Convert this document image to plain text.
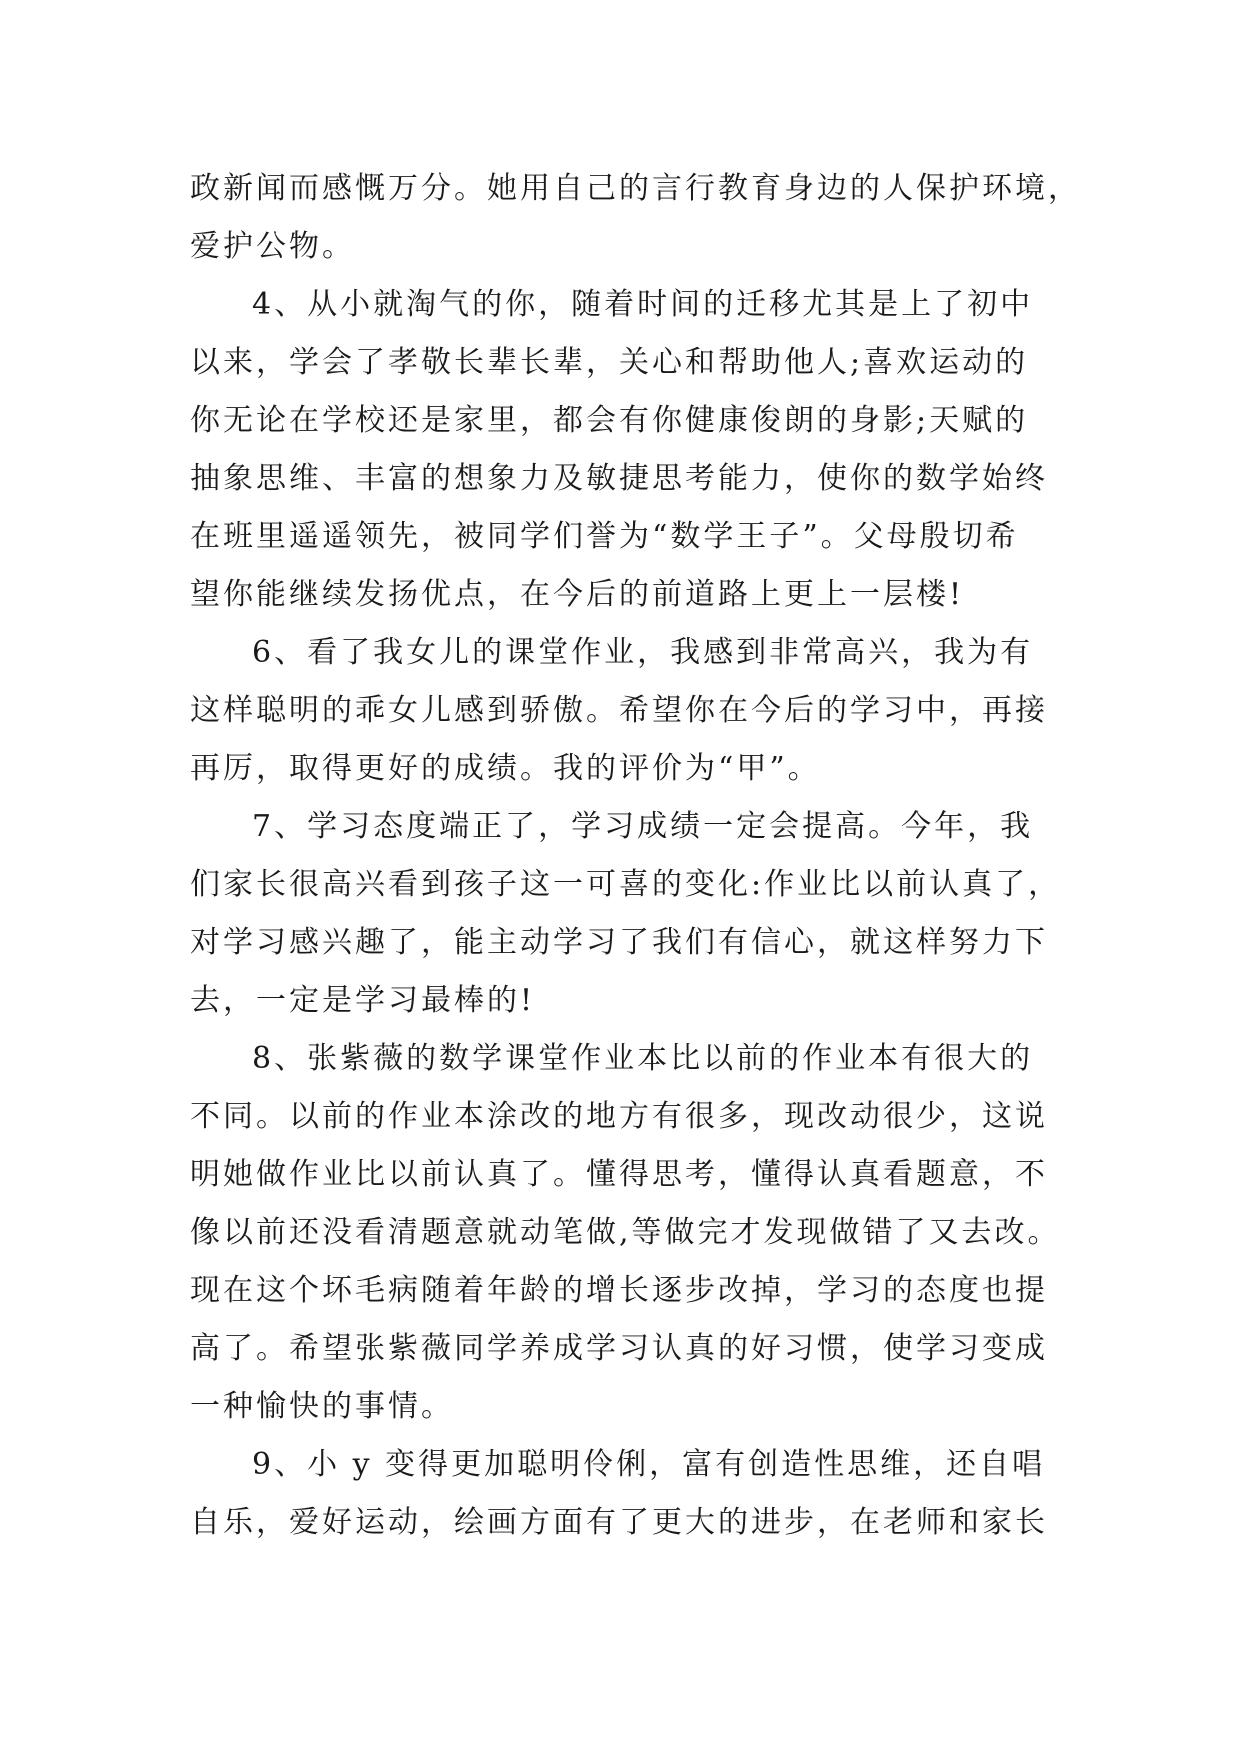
政新闻而感慨万分。她用自己的言行教育身边的人保护环境，
爱护公物。
4、从小就淘气的你，随着时间的迁移尤其是上了初中
以来，学会了孝敬长辈长辈，关心和帮助他人;喜欢运动的
你无论在学校还是家里，都会有你健康俊朗的身影;天赋的
抽象思维、丰富的想象力及敏捷思考能力，使你的数学始终
在班里遥遥领先，被同学们誉为“数学王子”。父母殷切希
望你能继续发扬优点，在今后的前道路上更上一层楼!
6、看了我女儿的课堂作业，我感到非常高兴，我为有
这样聪明的乖女儿感到骄傲。希望你在今后的学习中，再接
再厉，取得更好的成绩。我的评价为“甲”。
7、学习态度端正了，学习成绩一定会提高。今年，我
们家长很高兴看到孩子这一可喜的变化:作业比以前认真了，
对学习感兴趣了，能主动学习了我们有信心，就这样努力下
去，一定是学习最棒的!
8、张紫薇的数学课堂作业本比以前的作业本有很大的
不同。以前的作业本涂改的地方有很多，现改动很少，这说
明她做作业比以前认真了。懂得思考，懂得认真看题意，不
像以前还没看清题意就动笔做,等做完才发现做错了又去改。
现在这个坏毛病随着年龄的增长逐步改掉，学习的态度也提
高了。希望张紫薇同学养成学习认真的好习惯，使学习变成
一种愉快的事情。
9、小 y 变得更加聪明伶俐，富有创造性思维，还自唱
自乐，爱好运动，绘画方面有了更大的进步，在老师和家长
